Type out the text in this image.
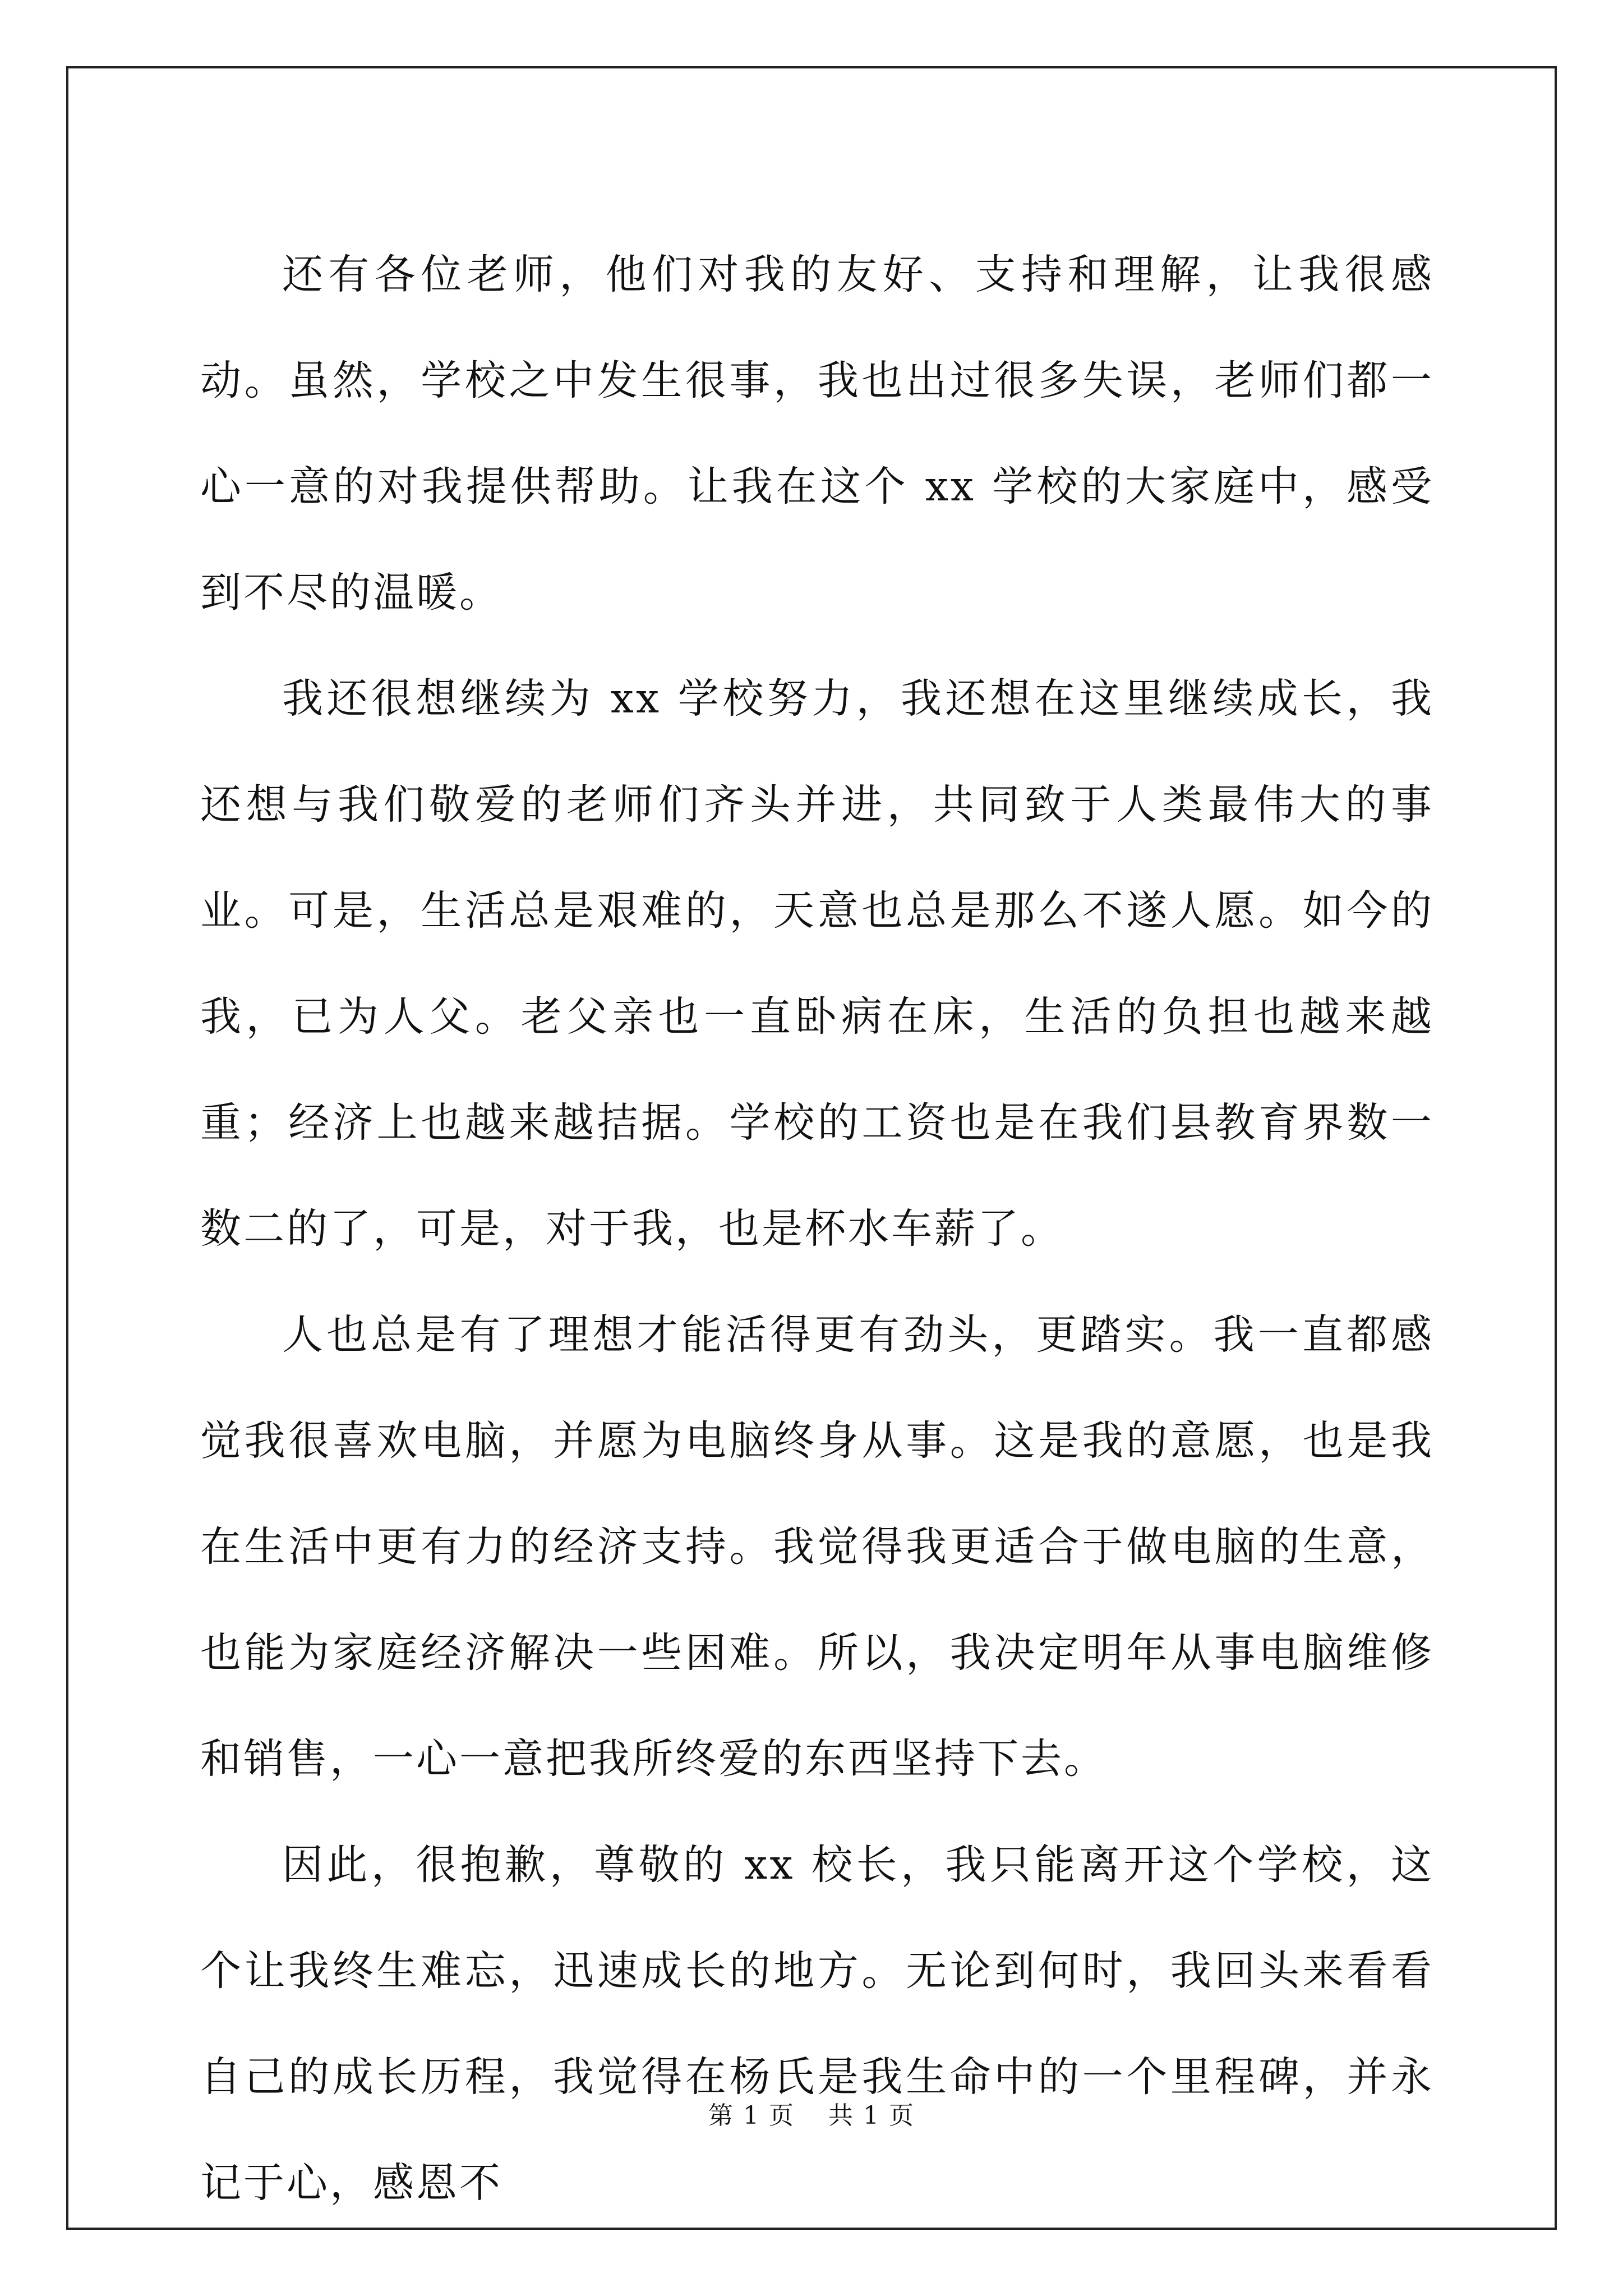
还有各位老师，他们对我的友好、支持和理解，让我很感动。虽然，学校之中发生很事，我也出过很多失误，老师们都一心一意的对我提供帮助。让我在这个 xx 学校的大家庭中，感受到不尽的温暖。

我还很想继续为 xx 学校努力，我还想在这里继续成长，我还想与我们敬爱的老师们齐头并进，共同致于人类最伟大的事业。可是，生活总是艰难的，天意也总是那么不遂人愿。如今的我，已为人父。老父亲也一直卧病在床，生活的负担也越来越重；经济上也越来越拮据。学校的工资也是在我们县教育界数一数二的了，可是，对于我，也是杯水车薪了。

人也总是有了理想才能活得更有劲头，更踏实。我一直都感觉我很喜欢电脑，并愿为电脑终身从事。这是我的意愿，也是我在生活中更有力的经济支持。我觉得我更适合于做电脑的生意，也能为家庭经济解决一些困难。所以，我决定明年从事电脑维修和销售，一心一意把我所终爱的东西坚持下去。

因此，很抱歉，尊敬的 xx 校长，我只能离开这个学校，这个让我终生难忘，迅速成长的地方。无论到何时，我回头来看看自己的成长历程，我觉得在杨氏是我生命中的一个里程碑，并永记于心，感恩不

第 1 页 共 1 页
